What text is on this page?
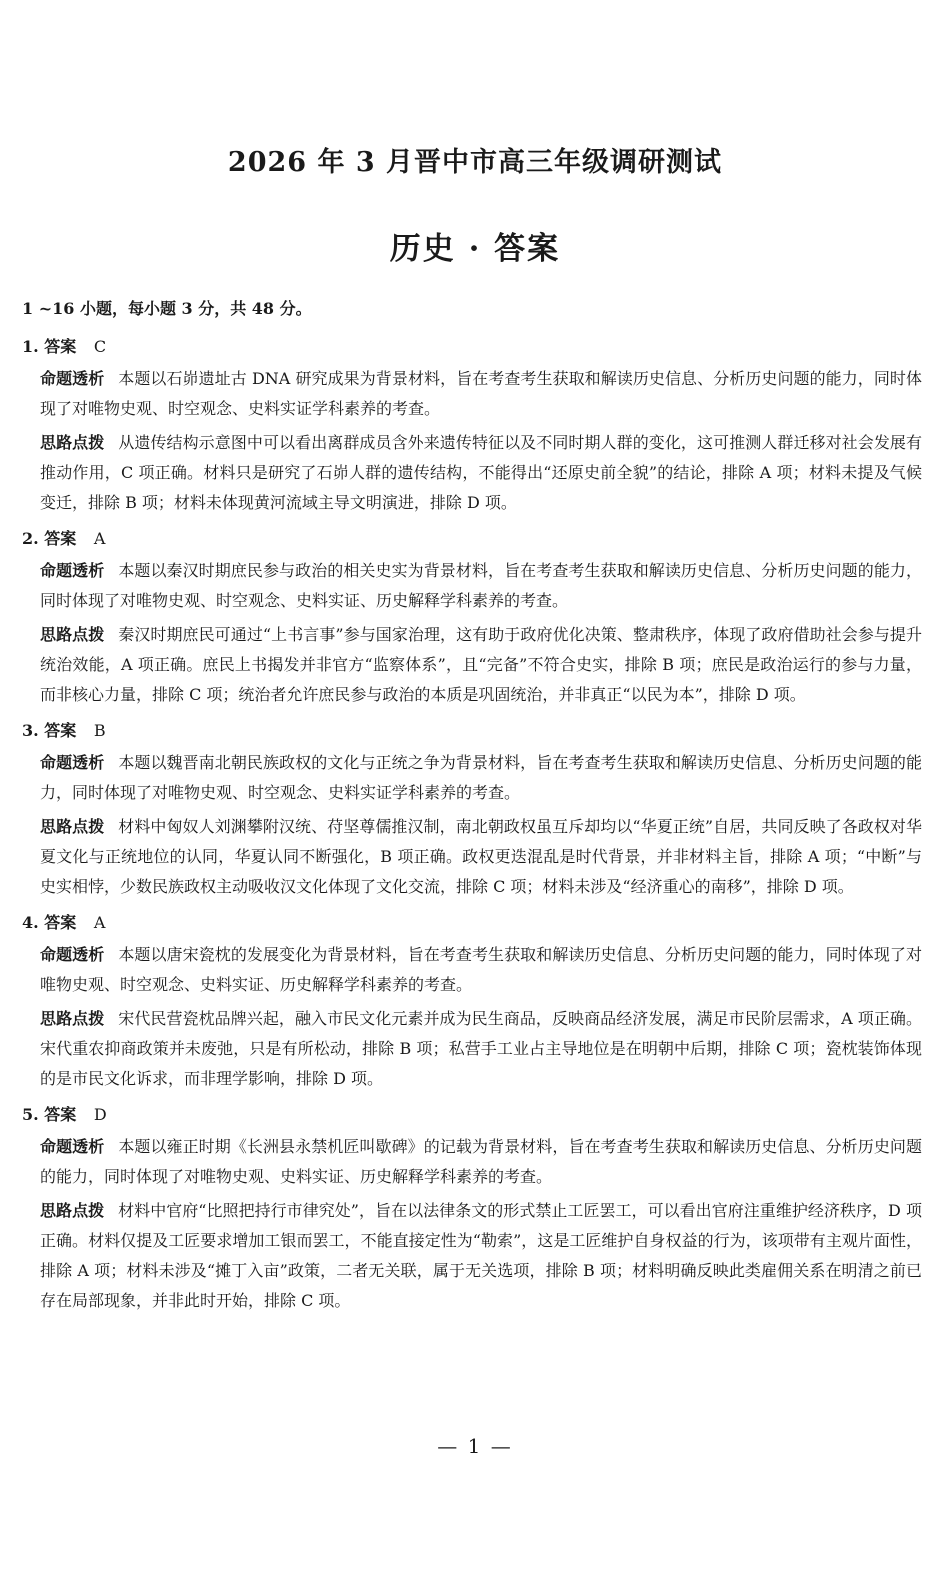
2026 年 3 月晋中市高三年级调研测试
历史 · 答案
1 ~16 小题，每小题 3 分，共 48 分。
1. 答案 C
命题透析 本题以石峁遗址古 DNA 研究成果为背景材料，旨在考查考生获取和解读历史信息、分析历史问题的能力，同时体现了对唯物史观、时空观念、史料实证学科素养的考查。
思路点拨 从遗传结构示意图中可以看出离群成员含外来遗传特征以及不同时期人群的变化，这可推测人群迁移对社会发展有推动作用，C 项正确。材料只是研究了石峁人群的遗传结构，不能得出“还原史前全貌”的结论，排除 A 项；材料未提及气候变迁，排除 B 项；材料未体现黄河流域主导文明演进，排除 D 项。
2. 答案 A
命题透析 本题以秦汉时期庶民参与政治的相关史实为背景材料，旨在考查考生获取和解读历史信息、分析历史问题的能力，同时体现了对唯物史观、时空观念、史料实证、历史解释学科素养的考查。
思路点拨 秦汉时期庶民可通过“上书言事”参与国家治理，这有助于政府优化决策、整肃秩序，体现了政府借助社会参与提升统治效能，A 项正确。庶民上书揭发并非官方“监察体系”，且“完备”不符合史实，排除 B 项；庶民是政治运行的参与力量，而非核心力量，排除 C 项；统治者允许庶民参与政治的本质是巩固统治，并非真正“以民为本”，排除 D 项。
3. 答案 B
命题透析 本题以魏晋南北朝民族政权的文化与正统之争为背景材料，旨在考查考生获取和解读历史信息、分析历史问题的能力，同时体现了对唯物史观、时空观念、史料实证学科素养的考查。
思路点拨 材料中匈奴人刘渊攀附汉统、苻坚尊儒推汉制，南北朝政权虽互斥却均以“华夏正统”自居，共同反映了各政权对华夏文化与正统地位的认同，华夏认同不断强化，B 项正确。政权更迭混乱是时代背景，并非材料主旨，排除 A 项；“中断”与史实相悖，少数民族政权主动吸收汉文化体现了文化交流，排除 C 项；材料未涉及“经济重心的南移”，排除 D 项。
4. 答案 A
命题透析 本题以唐宋瓷枕的发展变化为背景材料，旨在考查考生获取和解读历史信息、分析历史问题的能力，同时体现了对唯物史观、时空观念、史料实证、历史解释学科素养的考查。
思路点拨 宋代民营瓷枕品牌兴起，融入市民文化元素并成为民生商品，反映商品经济发展，满足市民阶层需求，A 项正确。宋代重农抑商政策并未废弛，只是有所松动，排除 B 项；私营手工业占主导地位是在明朝中后期，排除 C 项；瓷枕装饰体现的是市民文化诉求，而非理学影响，排除 D 项。
5. 答案 D
命题透析 本题以雍正时期《长洲县永禁机匠叫歇碑》的记载为背景材料，旨在考查考生获取和解读历史信息、分析历史问题的能力，同时体现了对唯物史观、史料实证、历史解释学科素养的考查。
思路点拨 材料中官府“比照把持行市律究处”，旨在以法律条文的形式禁止工匠罢工，可以看出官府注重维护经济秩序，D 项正确。材料仅提及工匠要求增加工银而罢工，不能直接定性为“勒索”，这是工匠维护自身权益的行为，该项带有主观片面性，排除 A 项；材料未涉及“摊丁入亩”政策，二者无关联，属于无关选项，排除 B 项；材料明确反映此类雇佣关系在明清之前已存在局部现象，并非此时开始，排除 C 项。
— 1 —
